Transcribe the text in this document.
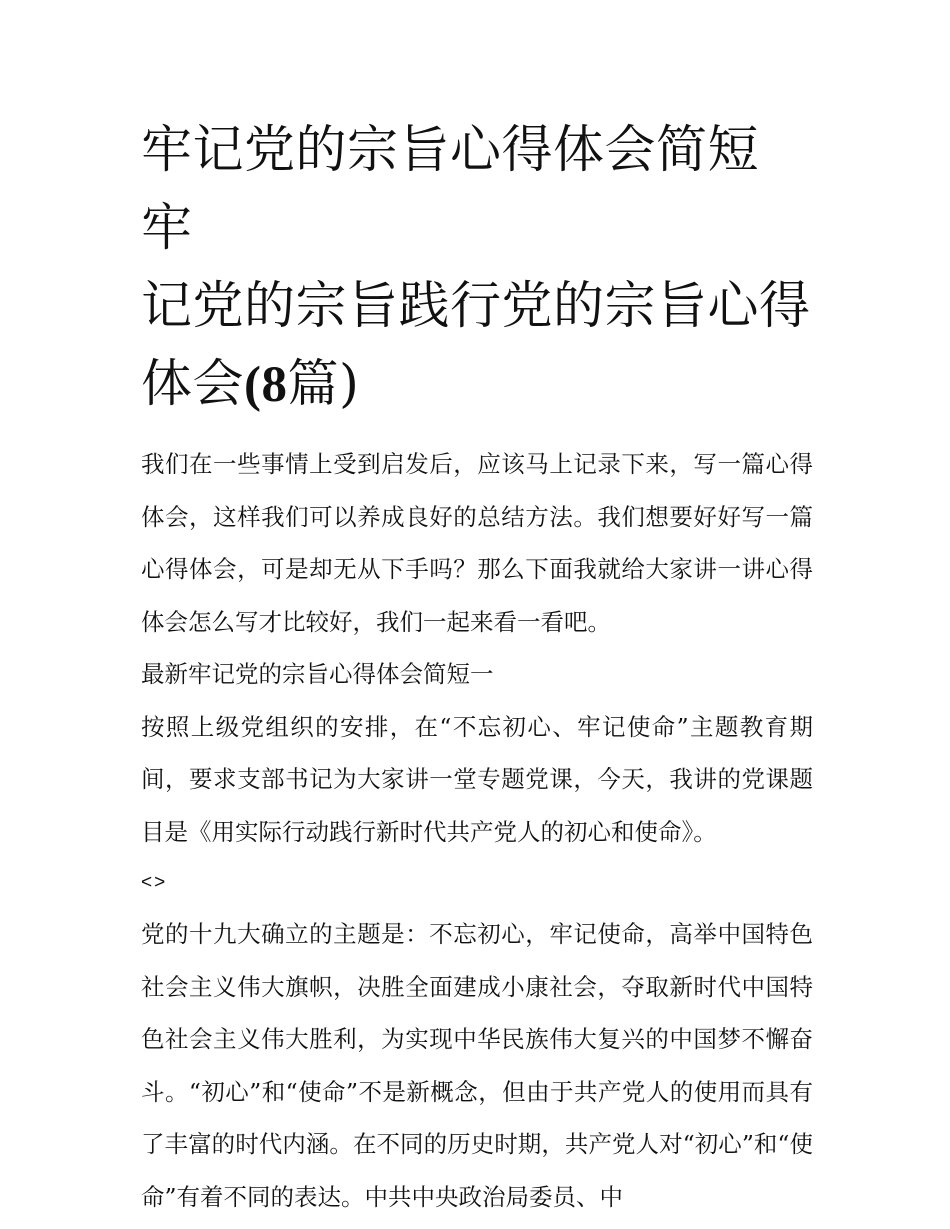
牢记党的宗旨心得体会简短 牢
记党的宗旨践行党的宗旨心得
体会(8篇)

我们在一些事情上受到启发后，应该马上记录下来，写一篇心得体会，这样我们可以养成良好的总结方法。我们想要好好写一篇心得体会，可是却无从下手吗？那么下面我就给大家讲一讲心得体会怎么写才比较好，我们一起来看一看吧。

最新牢记党的宗旨心得体会简短一

按照上级党组织的安排，在“不忘初心、牢记使命”主题教育期间，要求支部书记为大家讲一堂专题党课，今天，我讲的党课题目是《用实际行动践行新时代共产党人的初心和使命》。

<>

党的十九大确立的主题是：不忘初心，牢记使命，高举中国特色社会主义伟大旗帜，决胜全面建成小康社会，夺取新时代中国特色社会主义伟大胜利，为实现中华民族伟大复兴的中国梦不懈奋斗。“初心”和“使命”不是新概念，但由于共产党人的使用而具有了丰富的时代内涵。在不同的历史时期，共产党人对“初心”和“使命”有着不同的表达。中共中央政治局委员、中
